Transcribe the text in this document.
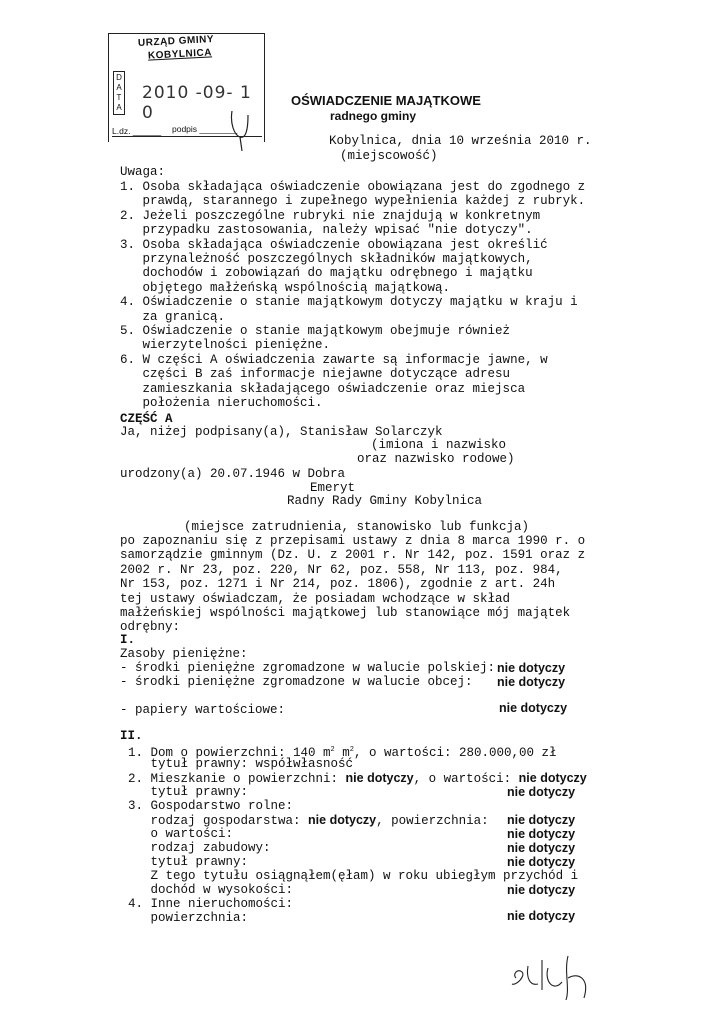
URZĄD GMINY
KOBYLNICA
D
A
T
A
2010 -09- 1 0
L.dz. ______ podpis ________
OŚWIADCZENIE MAJĄTKOWE
radnego gminy
Kobylnica, dnia 10 września 2010 r.
(miejscowość)
Uwaga:
1. Osoba składająca oświadczenie obowiązana jest do zgodnego z
prawdą, starannego i zupełnego wypełnienia każdej z rubryk.
2. Jeżeli poszczególne rubryki nie znajdują w konkretnym
przypadku zastosowania, należy wpisać "nie dotyczy".
3. Osoba składająca oświadczenie obowiązana jest określić
przynależność poszczególnych składników majątkowych,
dochodów i zobowiązań do majątku odrębnego i majątku
objętego małżeńską wspólnością majątkową.
4. Oświadczenie o stanie majątkowym dotyczy majątku w kraju i
za granicą.
5. Oświadczenie o stanie majątkowym obejmuje również
wierzytelności pieniężne.
6. W części A oświadczenia zawarte są informacje jawne, w
części B zaś informacje niejawne dotyczące adresu
zamieszkania składającego oświadczenie oraz miejsca
położenia nieruchomości.
CZĘŚĆ A
Ja, niżej podpisany(a), Stanisław Solarczyk
(imiona i nazwisko
oraz nazwisko rodowe)
urodzony(a) 20.07.1946 w Dobra
Emeryt
Radny Rady Gminy Kobylnica
(miejsce zatrudnienia, stanowisko lub funkcja)
po zapoznaniu się z przepisami ustawy z dnia 8 marca 1990 r. o
samorządzie gminnym (Dz. U. z 2001 r. Nr 142, poz. 1591 oraz z
2002 r. Nr 23, poz. 220, Nr 62, poz. 558, Nr 113, poz. 984,
Nr 153, poz. 1271 i Nr 214, poz. 1806), zgodnie z art. 24h
tej ustawy oświadczam, że posiadam wchodzące w skład
małżeńskiej wspólności majątkowej lub stanowiące mój majątek
odrębny:
I.
Zasoby pieniężne:
- środki pieniężne zgromadzone w walucie polskiej: nie dotyczy
- środki pieniężne zgromadzone w walucie obcej: nie dotyczy
- papiery wartościowe:	nie dotyczy
II.
1. Dom o powierzchni: 140 $m^2$ $m^2$, o wartości: 280.000,00 zł
tytuł prawny: współwłasność
2. Mieszkanie o powierzchni: nie dotyczy, o wartości: nie dotyczy
tytuł prawny:	nie dotyczy
3. Gospodarstwo rolne:
rodzaj gospodarstwa: nie dotyczy, powierzchnia: nie dotyczy
o wartości:	nie dotyczy
rodzaj zabudowy:	nie dotyczy
tytuł prawny:	nie dotyczy
Z tego tytułu osiągnąłem(ęłam) w roku ubiegłym przychód i
dochód w wysokości:	nie dotyczy
4. Inne nieruchomości:
powierzchnia:	nie dotyczy
